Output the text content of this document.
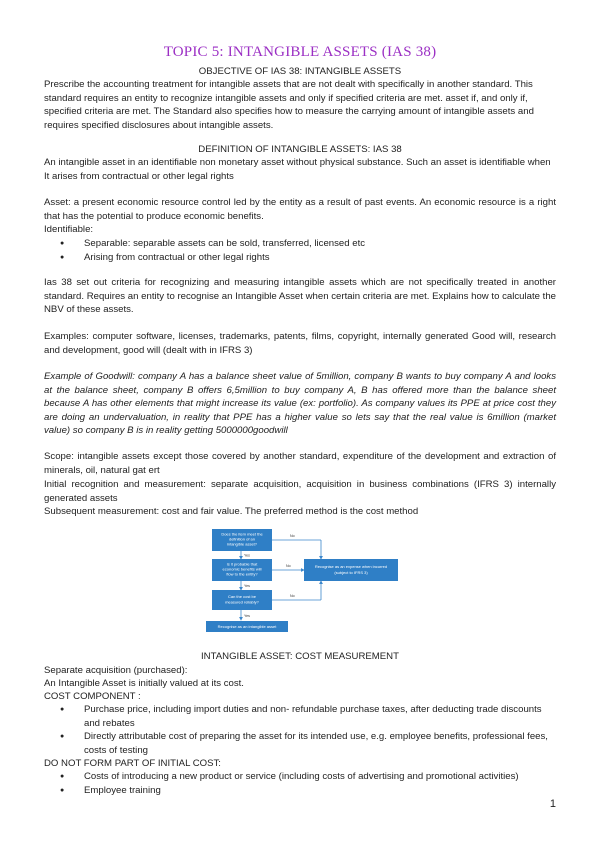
TOPIC 5: INTANGIBLE ASSETS (IAS 38)
OBJECTIVE OF IAS 38: INTANGIBLE ASSETS

Prescribe the accounting treatment for intangible assets that are not dealt with specifically in another standard. This standard requires an entity to recognize intangible assets and only if specified criteria are met. asset if, and only if, specified criteria are met. The Standard also specifies how to measure the carrying amount of intangible assets and requires specified disclosures about intangible assets.

DEFINITION OF INTANGIBLE ASSETS: IAS 38

An intangible asset in an identifiable non monetary asset without physical substance. Such an asset is identifiable when It arises from contractual or other legal rights

Asset: a present economic resource control led by the entity as a result of past events. An economic resource is a right that has the potential to produce economic benefits.

Identifiable:

● Separable: separable assets can be sold, transferred, licensed etc
● Arising from contractual or other legal rights

Ias 38 set out criteria for recognizing and measuring intangible assets which are not specifically treated in another standard. Requires an entity to recognise an Intangible Asset when certain criteria are met. Explains how to calculate the NBV of these assets.

Examples: computer software, licenses, trademarks, patents, films, copyright, internally generated Good will, research and development, good will (dealt with in IFRS 3)

Example of Goodwill: company A has a balance sheet value of 5million, company B wants to buy company A and looks at the balance sheet, company B offers 6,5million to buy company A, B has offered more than the balance sheet because A has other elements that might increase its value (ex: portfolio). As company values its PPE at price cost they are doing an undervaluation, in reality that PPE has a higher value so lets say that the real value is 6million (market value) so company B is in reality getting 5000000goodwill

Scope: intangible assets except those covered by another standard, expenditure of the development and extraction of minerals, oil, natural gat ert

Initial recognition and measurement: separate acquisition, acquisition in business combinations (IFRS 3) internally generated assets

Subsequent measurement: cost and fair value. The preferred method is the cost method

Does the item meet the
definition of an
intangible asset?
Is it probable that
economic benefits will
flow to the entity?
Can the cost be
measured reliably?
Recognise as an expense when incurred
(subject to IFRS 3)
Recognise as an intangible asset
No
No
No
Yes
Yes
Yes
INTANGIBLE ASSET: COST MEASUREMENT

Separate acquisition (purchased):

An Intangible Asset is initially valued at its cost.

COST COMPONENT :

● Purchase price, including import duties and non- refundable purchase taxes, after deducting trade discounts and rebates
● Directly attributable cost of preparing the asset for its intended use, e.g. employee benefits, professional fees, costs of testing

DO NOT FORM PART OF INITIAL COST:

● Costs of introducing a new product or service (including costs of advertising and promotional activities)
● Employee training
1
